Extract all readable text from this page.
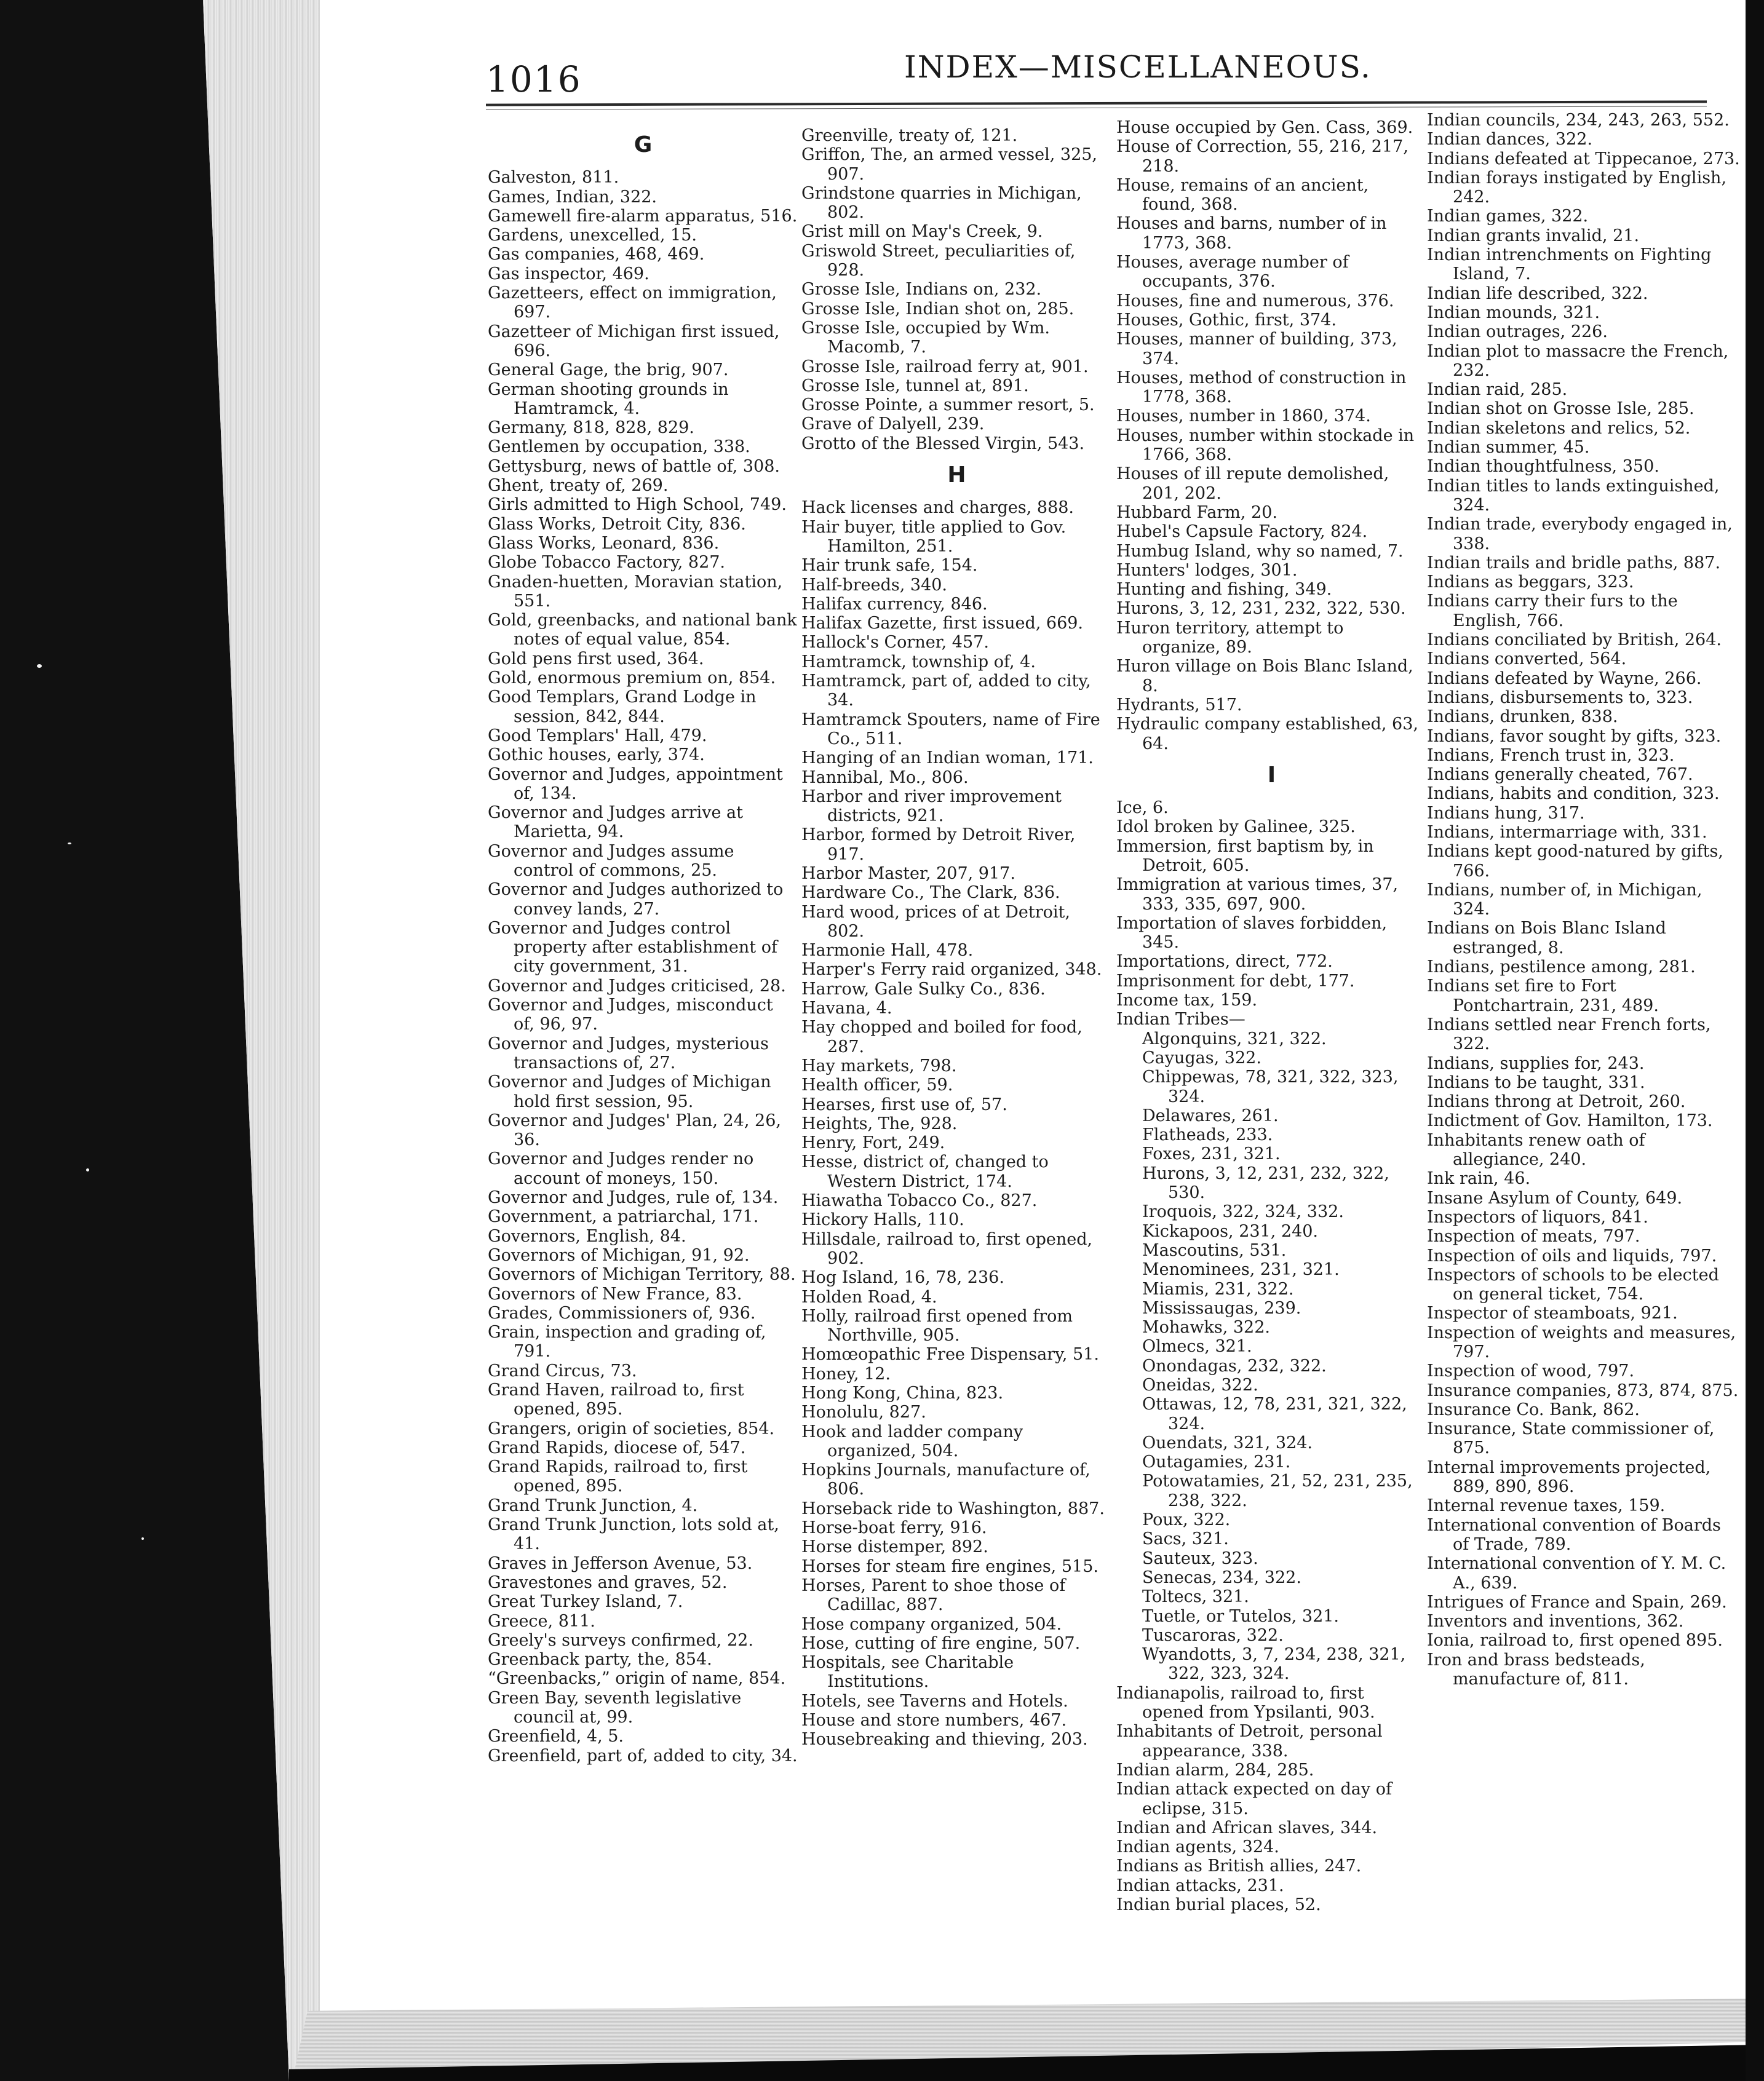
1016	INDEX—MISCELLANEOUS.
G
Galveston, 811.
Games, Indian, 322.
Gamewell fire-alarm apparatus, 516.
Gardens, unexcelled, 15.
Gas companies, 468, 469.
Gas inspector, 469.
Gazetteers, effect on immigration, 697.
Gazetteer of Michigan first issued, 696.
General Gage, the brig, 907.
German shooting grounds in Hamtramck, 4.
Germany, 818, 828, 829.
Gentlemen by occupation, 338.
Gettysburg, news of battle of, 308.
Ghent, treaty of, 269.
Girls admitted to High School, 749.
Glass Works, Detroit City, 836.
Glass Works, Leonard, 836.
Globe Tobacco Factory, 827.
Gnaden-huetten, Moravian station, 551.
Gold, greenbacks, and national bank notes of equal value, 854.
Gold pens first used, 364.
Gold, enormous premium on, 854.
Good Templars, Grand Lodge in session, 842, 844.
Good Templars' Hall, 479.
Gothic houses, early, 374.
Governor and Judges, appointment of, 134.
Governor and Judges arrive at Marietta, 94.
Governor and Judges assume control of commons, 25.
Governor and Judges authorized to convey lands, 27.
Governor and Judges control property after establishment of city government, 31.
Governor and Judges criticised, 28.
Governor and Judges, misconduct of, 96, 97.
Governor and Judges, mysterious transactions of, 27.
Governor and Judges of Michigan hold first session, 95.
Governor and Judges' Plan, 24, 26, 36.
Governor and Judges render no account of moneys, 150.
Governor and Judges, rule of, 134.
Government, a patriarchal, 171.
Governors, English, 84.
Governors of Michigan, 91, 92.
Governors of Michigan Territory, 88.
Governors of New France, 83.
Grades, Commissioners of, 936.
Grain, inspection and grading of, 791.
Grand Circus, 73.
Grand Haven, railroad to, first opened, 895.
Grangers, origin of societies, 854.
Grand Rapids, diocese of, 547.
Grand Rapids, railroad to, first opened, 895.
Grand Trunk Junction, 4.
Grand Trunk Junction, lots sold at, 41.
Graves in Jefferson Avenue, 53.
Gravestones and graves, 52.
Great Turkey Island, 7.
Greece, 811.
Greely's surveys confirmed, 22.
Greenback party, the, 854.
“Greenbacks,” origin of name, 854.
Green Bay, seventh legislative council at, 99.
Greenfield, 4, 5.
Greenfield, part of, added to city, 34.
Greenville, treaty of, 121.
Griffon, The, an armed vessel, 325, 907.
Grindstone quarries in Michigan, 802.
Grist mill on May's Creek, 9.
Griswold Street, peculiarities of, 928.
Grosse Isle, Indians on, 232.
Grosse Isle, Indian shot on, 285.
Grosse Isle, occupied by Wm. Macomb, 7.
Grosse Isle, railroad ferry at, 901.
Grosse Isle, tunnel at, 891.
Grosse Pointe, a summer resort, 5.
Grave of Dalyell, 239.
Grotto of the Blessed Virgin, 543.
H
Hack licenses and charges, 888.
Hair buyer, title applied to Gov. Hamilton, 251.
Hair trunk safe, 154.
Half-breeds, 340.
Halifax currency, 846.
Halifax Gazette, first issued, 669.
Hallock's Corner, 457.
Hamtramck, township of, 4.
Hamtramck, part of, added to city, 34.
Hamtramck Spouters, name of Fire Co., 511.
Hanging of an Indian woman, 171.
Hannibal, Mo., 806.
Harbor and river improvement districts, 921.
Harbor, formed by Detroit River, 917.
Harbor Master, 207, 917.
Hardware Co., The Clark, 836.
Hard wood, prices of at Detroit, 802.
Harmonie Hall, 478.
Harper's Ferry raid organized, 348.
Harrow, Gale Sulky Co., 836.
Havana, 4.
Hay chopped and boiled for food, 287.
Hay markets, 798.
Health officer, 59.
Hearses, first use of, 57.
Heights, The, 928.
Henry, Fort, 249.
Hesse, district of, changed to Western District, 174.
Hiawatha Tobacco Co., 827.
Hickory Halls, 110.
Hillsdale, railroad to, first opened, 902.
Hog Island, 16, 78, 236.
Holden Road, 4.
Holly, railroad first opened from Northville, 905.
Homœopathic Free Dispensary, 51.
Honey, 12.
Hong Kong, China, 823.
Honolulu, 827.
Hook and ladder company organized, 504.
Hopkins Journals, manufacture of, 806.
Horseback ride to Washington, 887.
Horse-boat ferry, 916.
Horse distemper, 892.
Horses for steam fire engines, 515.
Horses, Parent to shoe those of Cadillac, 887.
Hose company organized, 504.
Hose, cutting of fire engine, 507.
Hospitals, see Charitable Institutions.
Hotels, see Taverns and Hotels.
House and store numbers, 467.
Housebreaking and thieving, 203.
House occupied by Gen. Cass, 369.
House of Correction, 55, 216, 217, 218.
House, remains of an ancient, found, 368.
Houses and barns, number of in 1773, 368.
Houses, average number of occupants, 376.
Houses, fine and numerous, 376.
Houses, Gothic, first, 374.
Houses, manner of building, 373, 374.
Houses, method of construction in 1778, 368.
Houses, number in 1860, 374.
Houses, number within stockade in 1766, 368.
Houses of ill repute demolished, 201, 202.
Hubbard Farm, 20.
Hubel's Capsule Factory, 824.
Humbug Island, why so named, 7.
Hunters' lodges, 301.
Hunting and fishing, 349.
Hurons, 3, 12, 231, 232, 322, 530.
Huron territory, attempt to organize, 89.
Huron village on Bois Blanc Island, 8.
Hydrants, 517.
Hydraulic company established, 63, 64.
I
Ice, 6.
Idol broken by Galinee, 325.
Immersion, first baptism by, in Detroit, 605.
Immigration at various times, 37, 333, 335, 697, 900.
Importation of slaves forbidden, 345.
Importations, direct, 772.
Imprisonment for debt, 177.
Income tax, 159.
Indian Tribes—
Algonquins, 321, 322.
Cayugas, 322.
Chippewas, 78, 321, 322, 323, 324.
Delawares, 261.
Flatheads, 233.
Foxes, 231, 321.
Hurons, 3, 12, 231, 232, 322, 530.
Iroquois, 322, 324, 332.
Kickapoos, 231, 240.
Mascoutins, 531.
Menominees, 231, 321.
Miamis, 231, 322.
Mississaugas, 239.
Mohawks, 322.
Olmecs, 321.
Onondagas, 232, 322.
Oneidas, 322.
Ottawas, 12, 78, 231, 321, 322, 324.
Ouendats, 321, 324.
Outagamies, 231.
Potowatamies, 21, 52, 231, 235, 238, 322.
Poux, 322.
Sacs, 321.
Sauteux, 323.
Senecas, 234, 322.
Toltecs, 321.
Tuetle, or Tutelos, 321.
Tuscaroras, 322.
Wyandotts, 3, 7, 234, 238, 321, 322, 323, 324.
Indianapolis, railroad to, first opened from Ypsilanti, 903.
Inhabitants of Detroit, personal appearance, 338.
Indian alarm, 284, 285.
Indian attack expected on day of eclipse, 315.
Indian and African slaves, 344.
Indian agents, 324.
Indians as British allies, 247.
Indian attacks, 231.
Indian burial places, 52.
Indian councils, 234, 243, 263, 552.
Indian dances, 322.
Indians defeated at Tippecanoe, 273.
Indian forays instigated by English, 242.
Indian games, 322.
Indian grants invalid, 21.
Indian intrenchments on Fighting Island, 7.
Indian life described, 322.
Indian mounds, 321.
Indian outrages, 226.
Indian plot to massacre the French, 232.
Indian raid, 285.
Indian shot on Grosse Isle, 285.
Indian skeletons and relics, 52.
Indian summer, 45.
Indian thoughtfulness, 350.
Indian titles to lands extinguished, 324.
Indian trade, everybody engaged in, 338.
Indian trails and bridle paths, 887.
Indians as beggars, 323.
Indians carry their furs to the English, 766.
Indians conciliated by British, 264.
Indians converted, 564.
Indians defeated by Wayne, 266.
Indians, disbursements to, 323.
Indians, drunken, 838.
Indians, favor sought by gifts, 323.
Indians, French trust in, 323.
Indians generally cheated, 767.
Indians, habits and condition, 323.
Indians hung, 317.
Indians, intermarriage with, 331.
Indians kept good-natured by gifts, 766.
Indians, number of, in Michigan, 324.
Indians on Bois Blanc Island estranged, 8.
Indians, pestilence among, 281.
Indians set fire to Fort Pontchartrain, 231, 489.
Indians settled near French forts, 322.
Indians, supplies for, 243.
Indians to be taught, 331.
Indians throng at Detroit, 260.
Indictment of Gov. Hamilton, 173.
Inhabitants renew oath of allegiance, 240.
Ink rain, 46.
Insane Asylum of County, 649.
Inspectors of liquors, 841.
Inspection of meats, 797.
Inspection of oils and liquids, 797.
Inspectors of schools to be elected on general ticket, 754.
Inspector of steamboats, 921.
Inspection of weights and measures, 797.
Inspection of wood, 797.
Insurance companies, 873, 874, 875.
Insurance Co. Bank, 862.
Insurance, State commissioner of, 875.
Internal improvements projected, 889, 890, 896.
Internal revenue taxes, 159.
International convention of Boards of Trade, 789.
International convention of Y. M. C. A., 639.
Intrigues of France and Spain, 269.
Inventors and inventions, 362.
Ionia, railroad to, first opened 895.
Iron and brass bedsteads, manufacture of, 811.
